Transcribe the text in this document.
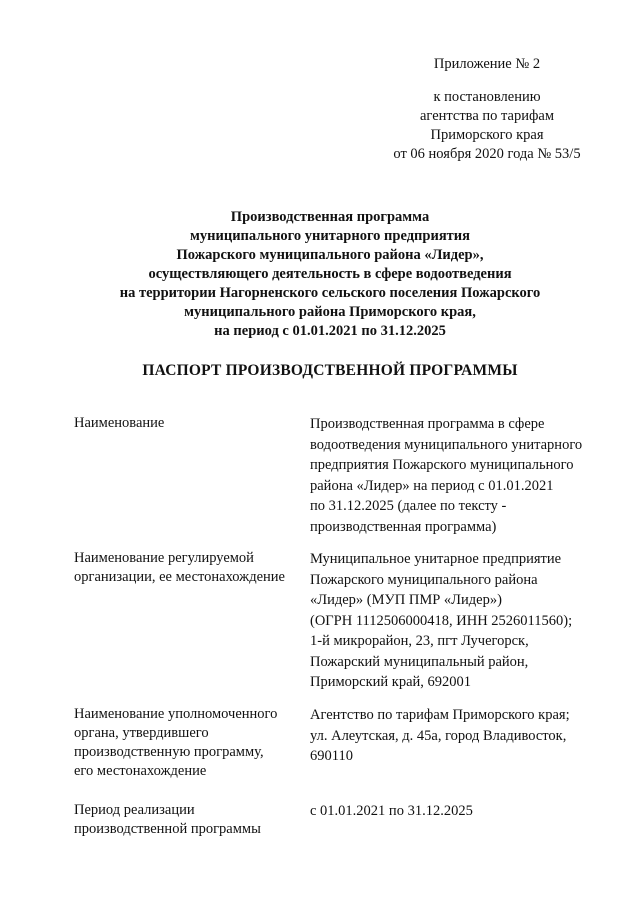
Приложение № 2
к постановлению
агентства по тарифам
Приморского края
от 06 ноября 2020 года № 53/5
Производственная программа
муниципального унитарного предприятия
Пожарского муниципального района «Лидер»,
осуществляющего деятельность в сфере водоотведения
на территории Нагорненского сельского поселения Пожарского
муниципального района Приморского края,
на период с 01.01.2021 по 31.12.2025
ПАСПОРТ ПРОИЗВОДСТВЕННОЙ ПРОГРАММЫ
Наименование	Производственная программа в сфере
водоотведения муниципального унитарного
предприятия Пожарского муниципального
района «Лидер» на период с 01.01.2021
по 31.12.2025 (далее по тексту -
производственная программа)
Наименование регулируемой
организации, ее местонахождение
Муниципальное унитарное предприятие
Пожарского муниципального района
«Лидер» (МУП ПМР «Лидер»)
(ОГРН 1112506000418, ИНН 2526011560);
1-й микрорайон, 23, пгт Лучегорск,
Пожарский муниципальный район,
Приморский край, 692001
Наименование уполномоченного
органа, утвердившего
производственную программу,
его местонахождение
Агентство по тарифам Приморского края;
ул. Алеутская, д. 45а, город Владивосток,
690110
Период реализации
производственной программы
с 01.01.2021 по 31.12.2025
